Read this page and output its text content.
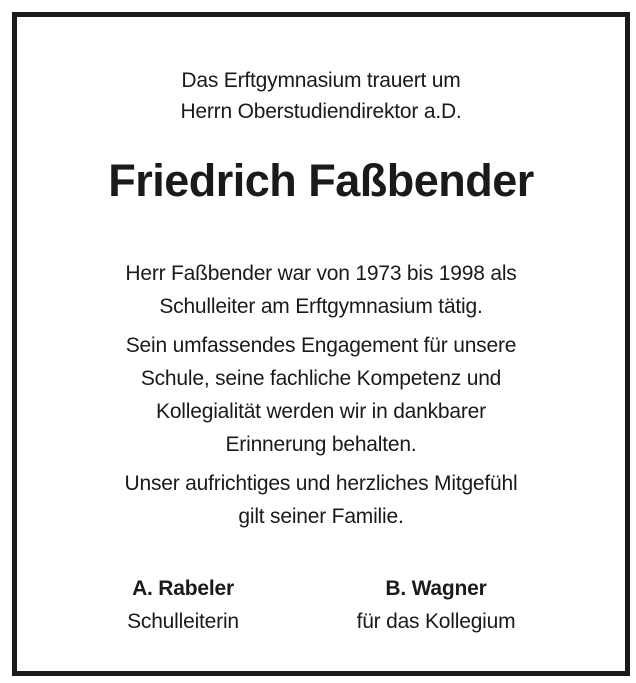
Das Erftgymnasium trauert um
Herrn Oberstudiendirektor a.D.
Friedrich Faßbender

Herr Faßbender war von 1973 bis 1998 als
Schulleiter am Erftgymnasium tätig.

Sein umfassendes Engagement für unsere
Schule, seine fachliche Kompetenz und
Kollegialität werden wir in dankbarer
Erinnerung behalten.

Unser aufrichtiges und herzliches Mitgefühl
gilt seiner Familie.

A. Rabeler
Schulleiterin
B. Wagner
für das Kollegium
